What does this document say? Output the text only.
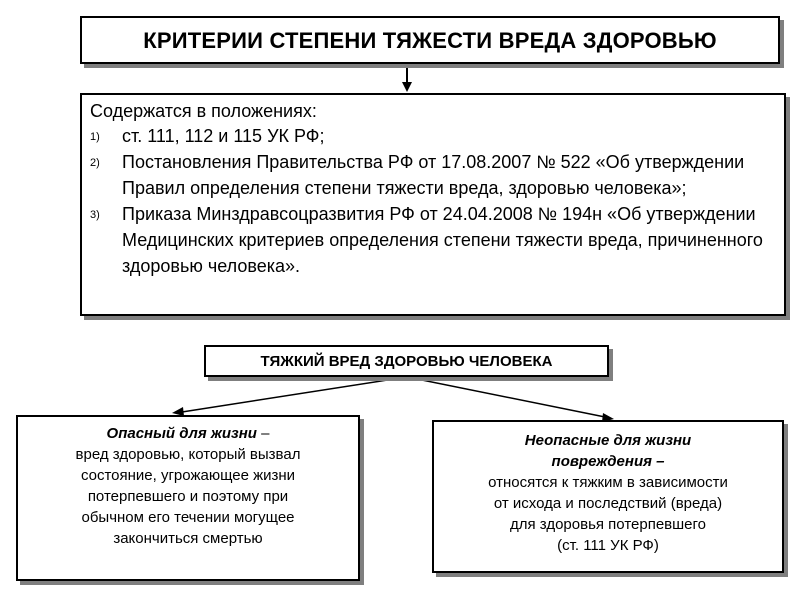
КРИТЕРИИ СТЕПЕНИ ТЯЖЕСТИ ВРЕДА ЗДОРОВЬЮ
Содержатся в положениях:
1) ст. 111, 112 и 115 УК РФ;
2) Постановления Правительства РФ от 17.08.2007 № 522 «Об утверждении Правил определения степени тяжести вреда, здоровью человека»;
3) Приказа Минздравсоцразвития РФ от 24.04.2008 № 194н «Об утверждении Медицинских критериев определения степени тяжести вреда, причиненного здоровью человека».
ТЯЖКИЙ ВРЕД ЗДОРОВЬЮ ЧЕЛОВЕКА
Опасный для жизни –
вред здоровью, который вызвал
состояние, угрожающее жизни
потерпевшего и поэтому при
обычном его течении могущее
закончиться смертью
Неопасные для жизни
повреждения –
относятся к тяжким в зависимости
от исхода и последствий (вреда)
для здоровья потерпевшего
(ст. 111 УК РФ)
